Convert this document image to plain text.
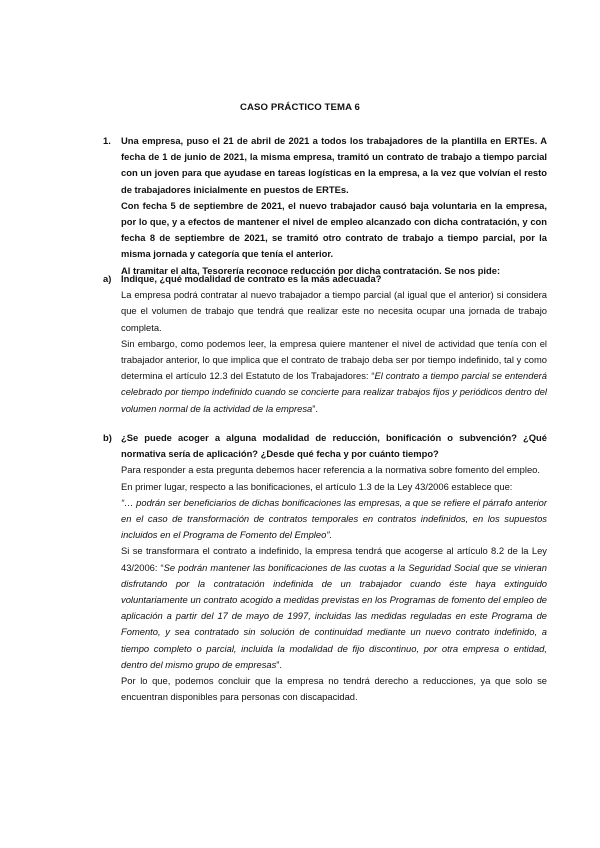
CASO PRÁCTICO TEMA 6
1.	Una empresa, puso el 21 de abril de 2021 a todos los trabajadores de la plantilla en ERTEs. A fecha de 1 de junio de 2021, la misma empresa, tramitó un contrato de trabajo a tiempo parcial con un joven para que ayudase en tareas logísticas en la empresa, a la vez que volvían el resto de trabajadores inicialmente en puestos de ERTEs.

Con fecha 5 de septiembre de 2021, el nuevo trabajador causó baja voluntaria en la empresa, por lo que, y a efectos de mantener el nivel de empleo alcanzado con dicha contratación, y con fecha 8 de septiembre de 2021, se tramitó otro contrato de trabajo a tiempo parcial, por la misma jornada y categoría que tenía el anterior.

Al tramitar el alta, Tesorería reconoce reducción por dicha contratación. Se nos pide:

a)	Indique, ¿qué modalidad de contrato es la más adecuada?

La empresa podrá contratar al nuevo trabajador a tiempo parcial (al igual que el anterior) si considera que el volumen de trabajo que tendrá que realizar este no necesita ocupar una jornada de trabajo completa.

Sin embargo, como podemos leer, la empresa quiere mantener el nivel de actividad que tenía con el trabajador anterior, lo que implica que el contrato de trabajo deba ser por tiempo indefinido, tal y como determina el artículo 12.3 del Estatuto de los Trabajadores: “El contrato a tiempo parcial se entenderá celebrado por tiempo indefinido cuando se concierte para realizar trabajos fijos y periódicos dentro del volumen normal de la actividad de la empresa”.

b) ¿Se puede acoger a alguna modalidad de reducción, bonificación o subvención? ¿Qué normativa sería de aplicación? ¿Desde qué fecha y por cuánto tiempo?

Para responder a esta pregunta debemos hacer referencia a la normativa sobre fomento del empleo.

En primer lugar, respecto a las bonificaciones, el artículo 1.3 de la Ley 43/2006 establece que:

“… podrán ser beneficiarios de dichas bonificaciones las empresas, a que se refiere el párrafo anterior en el caso de transformación de contratos temporales en contratos indefinidos, en los supuestos incluidos en el Programa de Fomento del Empleo”.

Si se transformara el contrato a indefinido, la empresa tendrá que acogerse al artículo 8.2 de la Ley 43/2006: “Se podrán mantener las bonificaciones de las cuotas a la Seguridad Social que se vinieran disfrutando por la contratación indefinida de un trabajador cuando éste haya extinguido voluntariamente un contrato acogido a medidas previstas en los Programas de fomento del empleo de aplicación a partir del 17 de mayo de 1997, incluidas las medidas reguladas en este Programa de Fomento, y sea contratado sin solución de continuidad mediante un nuevo contrato indefinido, a tiempo completo o parcial, incluida la modalidad de fijo discontinuo, por otra empresa o entidad, dentro del mismo grupo de empresas”.

Por lo que, podemos concluir que la empresa no tendrá derecho a reducciones, ya que solo se encuentran disponibles para personas con discapacidad.
